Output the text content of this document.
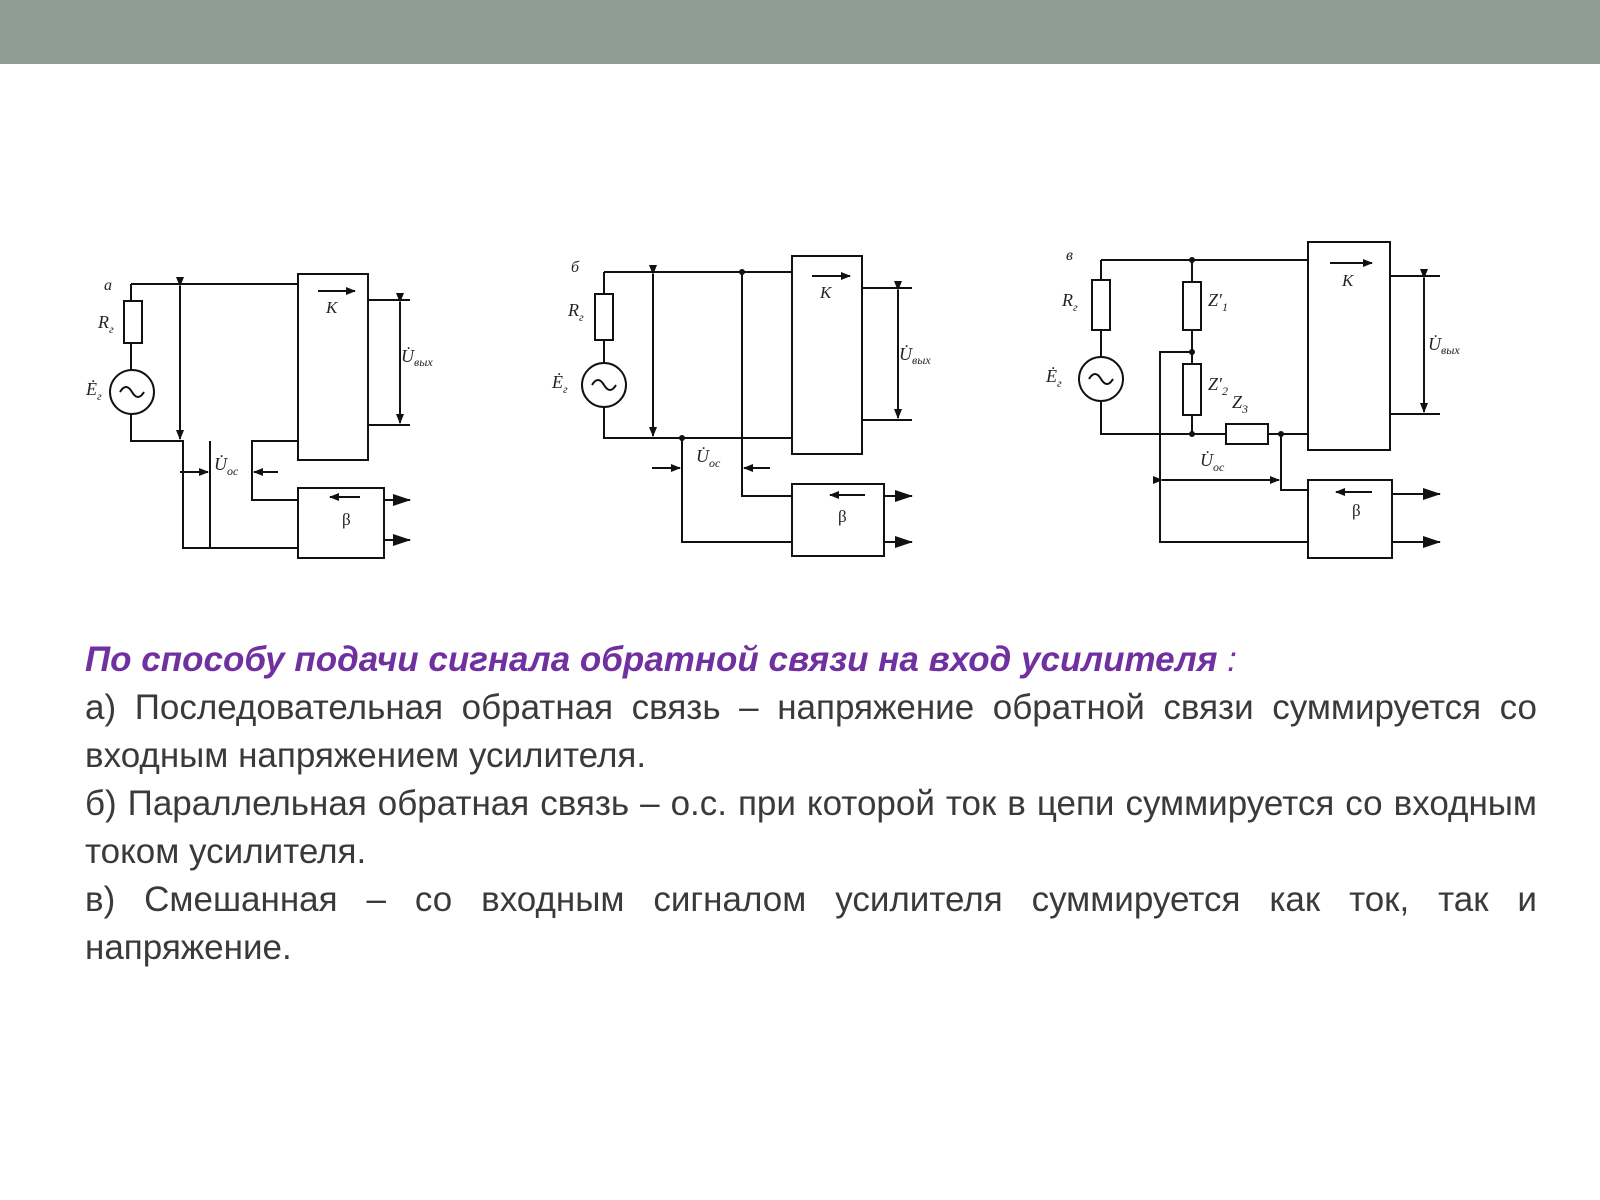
а
$R_г$
$Ė_г$
K
β
$U̇_{вых}$
$U̇_{ос}$
б
$R_г$
$Ė_г$
K
β
$U̇_{вых}$
$U̇_{ос}$
в
$R_г$
$Ė_г$
$Z'_1$
$Z'_2$
$Z_3$
K
β
$U̇_{вых}$
$U̇_{ос}$

По способу подачи сигнала обратной связи на вход усилителя :

а) Последовательная обратная связь – напряжение обратной связи суммируется со входным напряжением усилителя.

б) Параллельная обратная связь – о.с. при которой ток в цепи суммируется со входным током усилителя.

в) Смешанная – со входным сигналом усилителя суммируется как ток, так и напряжение.
